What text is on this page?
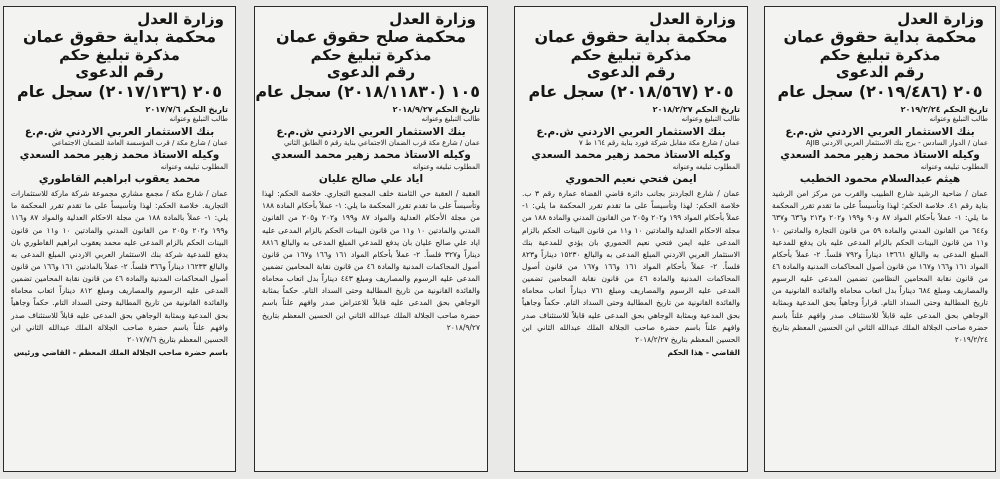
وزارة العدل
محكمة بداية حقوق عمان
مذكرة تبليغ حكم
رقم الدعوى
٢٠٥ (٢٠١٧/١٣٦) سجل عام
تاريخ الحكم ٢٠١٧/٧/٦
طالب التبليغ وعنوانه
بنك الاستثمار العربي الاردني ش.م.ع
عمان / شارع مكة / قرب المؤسسة العامة للضمان الاجتماعي
وكيله الاستاذ محمد زهير محمد السعدي
المطلوب تبليغه وعنوانه
محمد يعقوب ابراهيم القاطوري

عمان / شارع مكة / مجمع مشاري مجموعة شركة ماركة للاستثمارات التجارية. خلاصة الحكم: لهذا وتأسيساً على ما تقدم تقرر المحكمة ما يلي: ١- عملاً بالمادة ١٨٨ من مجلة الاحكام العدلية والمواد ٨٧ و١١٦ و١٩٩ و٢٠٢ و٢٠٥ من القانون المدني والمادتين ١٠ و١١ من قانون البينات الحكم بالزام المدعى عليه محمد يعقوب ابراهيم القاطوري بان يدفع للمدعية شركة بنك الاستثمار العربي الاردني المبلغ المدعى به والبالغ ١٦٢٣٣ ديناراً و٣٦٦ فلساً. ٢- عملاً بالمادتين ١٦١ و١٦٦ من قانون أصول المحاكمات المدنية والمادة ٤٦ من قانون نقابة المحامين تضمين المدعى عليه الرسوم والمصاريف ومبلغ ٨١٢ ديناراً اتعاب محاماة والفائدة القانونية من تاريخ المطالبة وحتى السداد التام. حكماً وجاهياً بحق المدعية وبمثابة الوجاهي بحق المدعى عليه قابلاً للاستئناف صدر وافهم علناً باسم حضرة صاحب الجلالة الملك عبدالله الثاني ابن الحسين المعظم بتاريخ ٢٠١٧/٧/٦

باسم حضرة صاحب الجلالة الملك المعظم - القاضي ورئيس
وزارة العدل
محكمة صلح حقوق عمان
مذكرة تبليغ حكم
رقم الدعوى
١٠٥ (٢٠١٨/١١٨٣٠) سجل عام
تاريخ الحكم ٢٠١٨/٩/٢٧
طالب التبليغ وعنوانه
بنك الاستثمار العربي الاردني ش.م.ع
عمان / شارع مكة قرب الضمان الاجتماعي بناية رقم ٥ الطابق الثاني
وكيله الاستاذ محمد زهير محمد السعدي
المطلوب تبليغه وعنوانه
اياد علي صالح عليان

العقبة / العقبة حي الثامنة خلف المجمع التجاري. خلاصة الحكم: لهذا وتأسيساً على ما تقدم تقرر المحكمة ما يلي: ١- عملاً بأحكام المادة ١٨٨ من مجلة الأحكام العدلية والمواد ٨٧ و١٩٩ و٢٠٢ و٢٠٥ من القانون المدني والمادتين ١٠ و١١ من قانون البينات الحكم بالزام المدعى عليه اياد علي صالح عليان بان يدفع للمدعي المبلغ المدعى به والبالغ ٨٨١٦ ديناراً و٣٢٧ فلساً. ٢- عملاً بأحكام المواد ١٦١ و١٦٦ و١٦٧ من قانون أصول المحاكمات المدنية والمادة ٤٦ من قانون نقابة المحامين تضمين المدعى عليه الرسوم والمصاريف ومبلغ ٤٤٣ ديناراً بدل اتعاب محاماة والفائدة القانونية من تاريخ المطالبة وحتى السداد التام. حكماً بمثابة الوجاهي بحق المدعى عليه قابلاً للاعتراض صدر وافهم علناً باسم حضرة صاحب الجلالة الملك عبدالله الثاني ابن الحسين المعظم بتاريخ ٢٠١٨/٩/٢٧

وزارة العدل
محكمة بداية حقوق عمان
مذكرة تبليغ حكم
رقم الدعوى
٢٠٥ (٢٠١٨/٥٦٧) سجل عام
تاريخ الحكم ٢٠١٨/٢/٢٧
طالب التبليغ وعنوانه
بنك الاستثمار العربي الاردني ش.م.ع
عمان / شارع مكة مقابل شركة فورد بناية رقم ١٦٤ ط ٧
وكيله الاستاذ محمد زهير محمد السعدي
المطلوب تبليغه وعنوانه
ايمن فتحي نعيم الحموري

عمان / شارع الجاردنز بجانب دائرة قاضي القضاة عمارة رقم ٣ ب. خلاصة الحكم: لهذا وتأسيساً على ما تقدم تقرر المحكمة ما يلي: ١- عملاً بأحكام المواد ١٩٩ و٢٠٢ و٢٠٥ من القانون المدني والمادة ١٨٨ من مجلة الاحكام العدلية والمادتين ١٠ و١١ من قانون البينات الحكم بالزام المدعى عليه ايمن فتحي نعيم الحموري بان يؤدي للمدعية بنك الاستثمار العربي الاردني المبلغ المدعى به والبالغ ١٥٢٣٠ ديناراً و٨٢٣ فلساً. ٢- عملاً بأحكام المواد ١٦١ و١٦٦ و١٦٧ من قانون أصول المحاكمات المدنية والمادة ٤٦ من قانون نقابة المحامين تضمين المدعى عليه الرسوم والمصاريف ومبلغ ٧٦١ ديناراً اتعاب محاماة والفائدة القانونية من تاريخ المطالبة وحتى السداد التام. حكماً وجاهياً بحق المدعية وبمثابة الوجاهي بحق المدعى عليه قابلاً للاستئناف صدر وافهم علناً باسم حضرة صاحب الجلالة الملك عبدالله الثاني ابن الحسين المعظم بتاريخ ٢٠١٨/٢/٢٧

القاضي - هذا الحكم
وزارة العدل
محكمة بداية حقوق عمان
مذكرة تبليغ حكم
رقم الدعوى
٢٠٥ (٢٠١٩/٤٨٦) سجل عام
تاريخ الحكم ٢٠١٩/٢/٢٤
طالب التبليغ وعنوانه
بنك الاستثمار العربي الاردني ش.م.ع
عمان / الدوار السادس - برج بنك الاستثمار العربي الاردني AJIB
وكيله الاستاذ محمد زهير محمد السعدي
المطلوب تبليغه وعنوانه
هيثم عبدالسلام محمود الخطيب

عمان / ضاحية الرشيد شارع الطبيب والقرب من مركز امن الرشيد بناية رقم ٤١. خلاصة الحكم: لهذا وتأسيساً على ما تقدم تقرر المحكمة ما يلي: ١- عملاً بأحكام المواد ٨٧ و٩٠ و١٩٩ و٢٠٢ و٢١٣ و٦٣٦ و٦٣٧ و٦٤٤ من القانون المدني والمادة ٥٩ من قانون التجارة والمادتين ١٠ و١١ من قانون البينات الحكم بالزام المدعى عليه بان يدفع للمدعية المبلغ المدعى به والبالغ ١٣٦٦١ ديناراً و٧٩٢ فلساً. ٢- عملاً بأحكام المواد ١٦١ و١٦٦ و١٦٧ من قانون أصول المحاكمات المدنية والمادة ٤٦ من قانون نقابة المحامين النظامين تضمين المدعى عليه الرسوم والمصاريف ومبلغ ٦٨٤ ديناراً بدل اتعاب محاماة والفائدة القانونية من تاريخ المطالبة وحتى السداد التام. قراراً وجاهياً بحق المدعية وبمثابة الوجاهي بحق المدعى عليه قابلاً للاستئناف صدر وافهم علناً باسم حضرة صاحب الجلالة الملك عبدالله الثاني ابن الحسين المعظم بتاريخ ٢٠١٩/٢/٢٤
